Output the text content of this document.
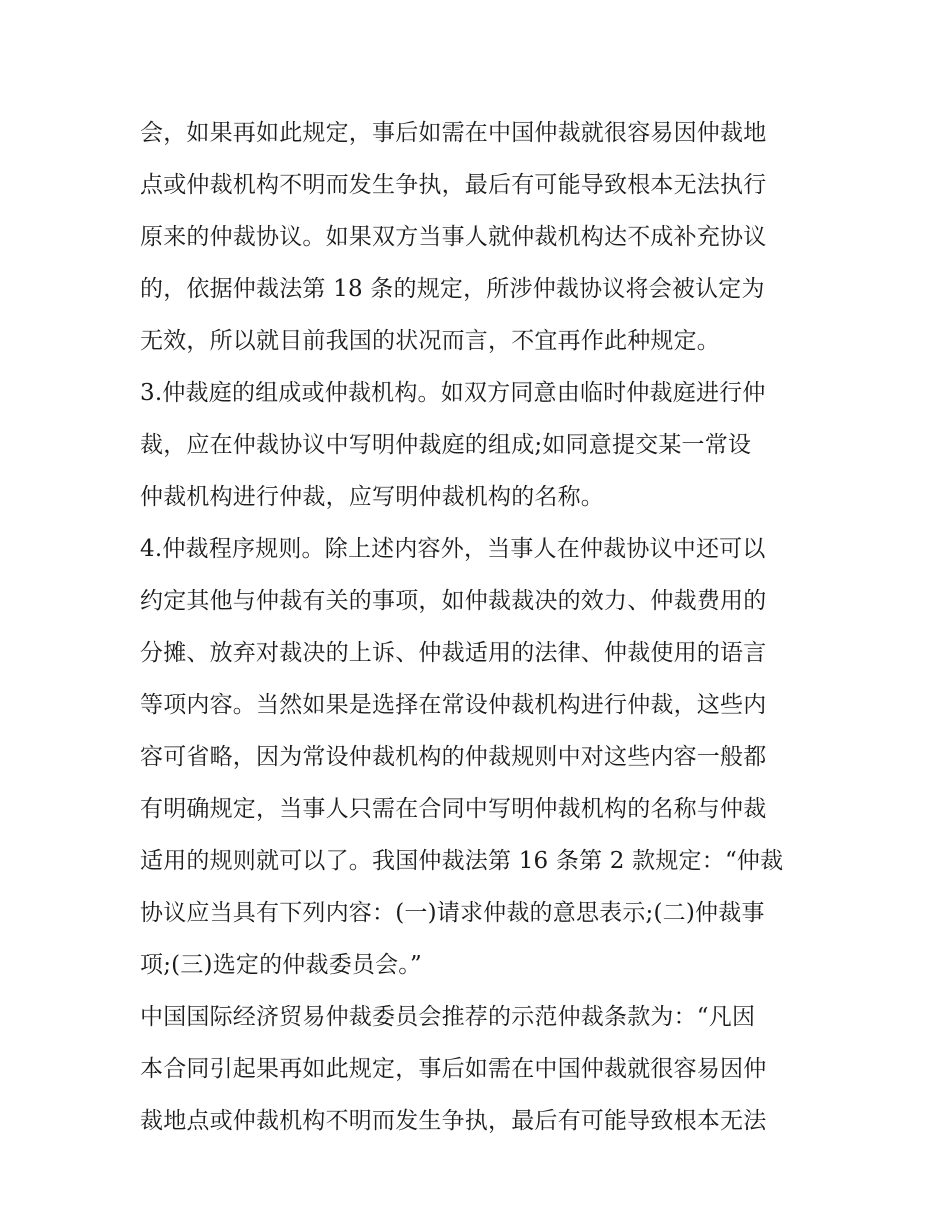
会，如果再如此规定，事后如需在中国仲裁就很容易因仲裁地
点或仲裁机构不明而发生争执，最后有可能导致根本无法执行
原来的仲裁协议。如果双方当事人就仲裁机构达不成补充协议
的，依据仲裁法第 18 条的规定，所涉仲裁协议将会被认定为
无效，所以就目前我国的状况而言，不宜再作此种规定。
3.仲裁庭的组成或仲裁机构。如双方同意由临时仲裁庭进行仲
裁，应在仲裁协议中写明仲裁庭的组成;如同意提交某一常设
仲裁机构进行仲裁，应写明仲裁机构的名称。
4.仲裁程序规则。除上述内容外，当事人在仲裁协议中还可以
约定其他与仲裁有关的事项，如仲裁裁决的效力、仲裁费用的
分摊、放弃对裁决的上诉、仲裁适用的法律、仲裁使用的语言
等项内容。当然如果是选择在常设仲裁机构进行仲裁，这些内
容可省略，因为常设仲裁机构的仲裁规则中对这些内容一般都
有明确规定，当事人只需在合同中写明仲裁机构的名称与仲裁
适用的规则就可以了。我国仲裁法第 16 条第 2 款规定：“仲裁
协议应当具有下列内容：(一)请求仲裁的意思表示;(二)仲裁事
项;(三)选定的仲裁委员会。”
中国国际经济贸易仲裁委员会推荐的示范仲裁条款为：“凡因
本合同引起果再如此规定，事后如需在中国仲裁就很容易因仲
裁地点或仲裁机构不明而发生争执，最后有可能导致根本无法
